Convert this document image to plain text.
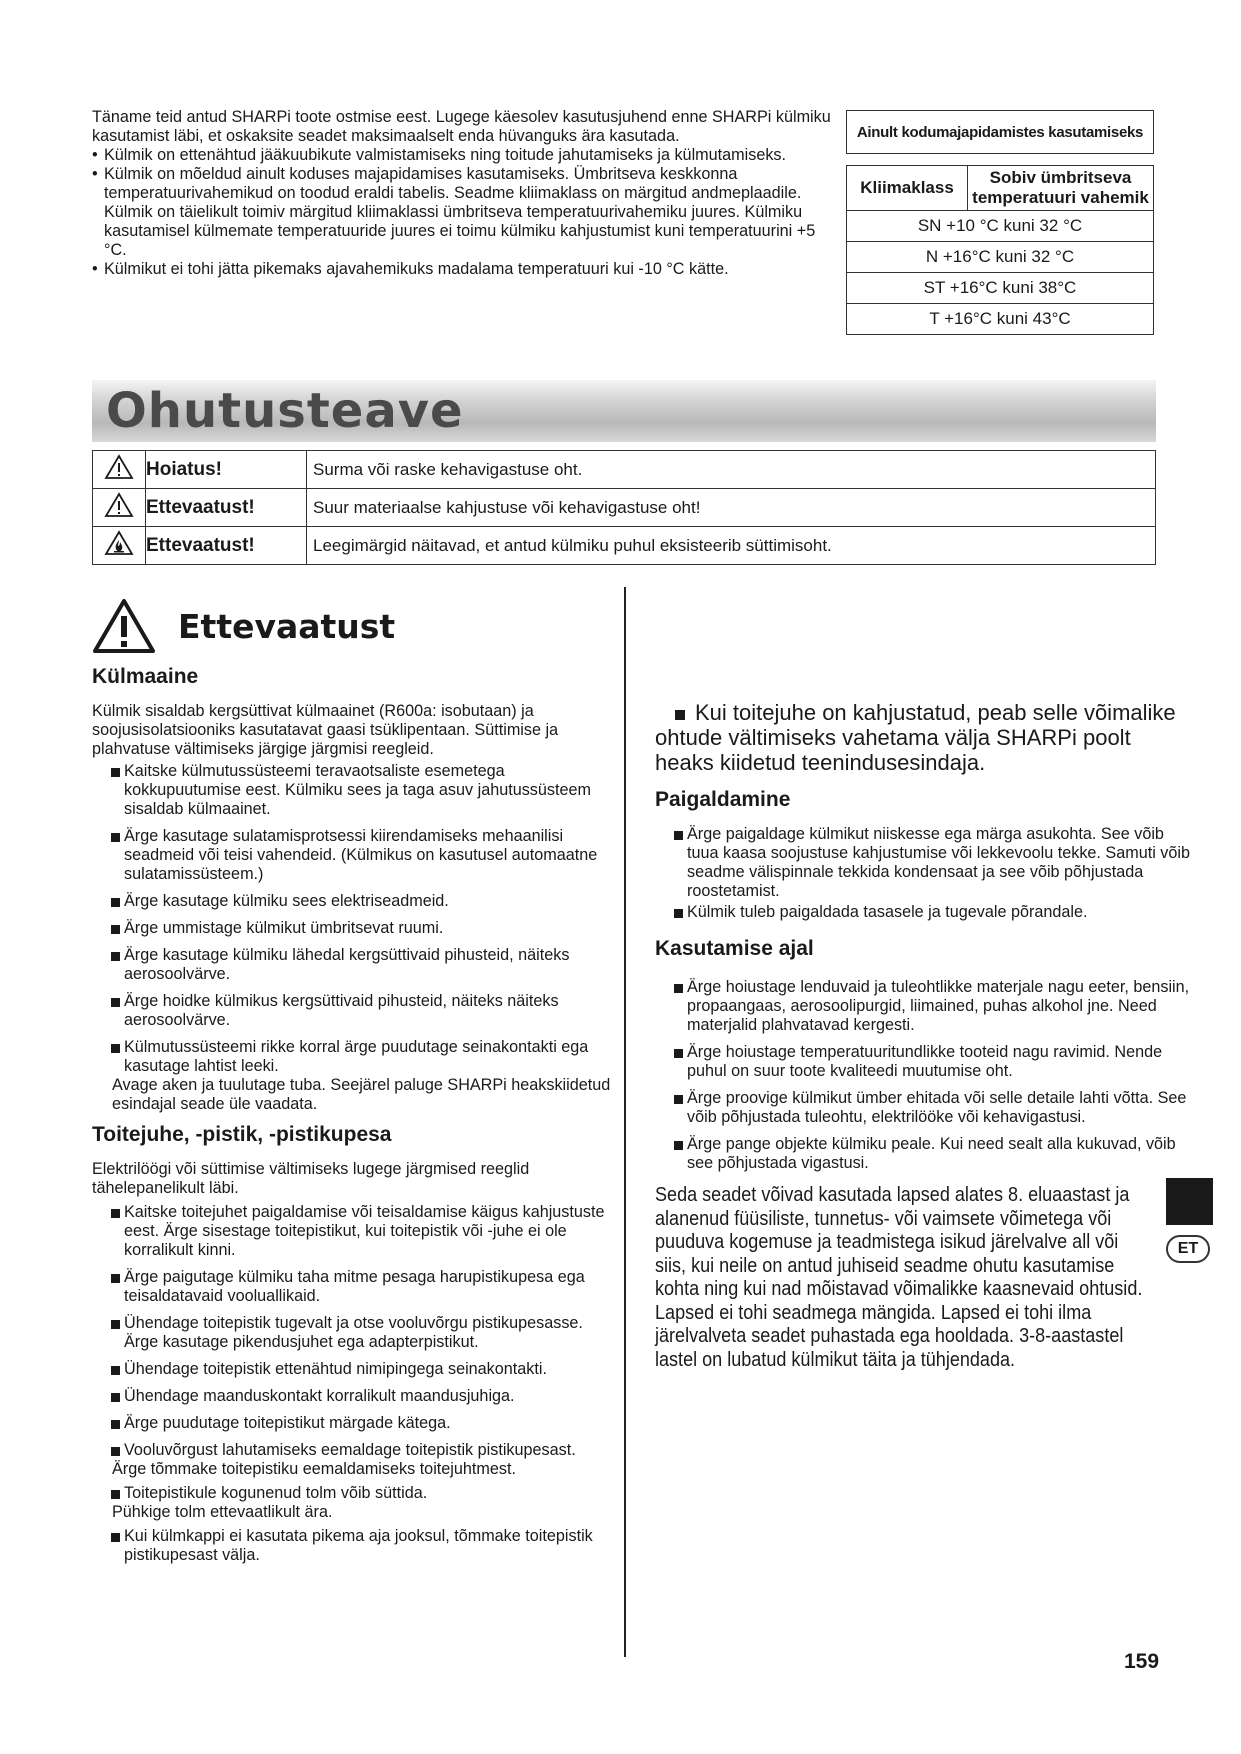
Täname teid antud SHARPi toote ostmise eest. Lugege käesolev kasutusjuhend enne SHARPi külmiku kasutamist läbi, et oskaksite seadet maksimaalselt enda hüvanguks ära kasutada.

• Külmik on ettenähtud jääkuubikute valmistamiseks ning toitude jahutamiseks ja külmutamiseks.
• Külmik on mõeldud ainult koduses majapidamises kasutamiseks. Ümbritseva keskkonna temperatuurivahemikud on toodud eraldi tabelis. Seadme kliimaklass on märgitud andmeplaadile.
Külmik on täielikult toimiv märgitud kliimaklassi ümbritseva temperatuurivahemiku juures. Külmiku kasutamisel külmemate temperatuuride juures ei toimu külmiku kahjustumist kuni temperatuurini +5 °C.
• Külmikut ei tohi jätta pikemaks ajavahemikuks madalama temperatuuri kui -10 °C kätte.
Ainult kodumajapidamistes kasutamiseks
Kliimaklass	Sobiv ümbritseva temperatuuri vahemik
SN +10 °C kuni 32 °C
N +16°C kuni 32 °C
ST +16°C kuni 38°C
T +16°C kuni 43°C
Ohutusteave
	Hoiatus!	Surma või raske kehavigastuse oht.
	Ettevaatust!	Suur materiaalse kahjustuse või kehavigastuse oht!
	Ettevaatust!	Leegimärgid näitavad, et antud külmiku puhul eksisteerib süttimisoht.
Ettevaatust
Külmaaine

Külmik sisaldab kergsüttivat külmaainet (R600a: isobutaan) ja soojusisolatsiooniks kasutatavat gaasi tsüklipentaan. Süttimise ja plahvatuse vältimiseks järgige järgmisi reegleid.

Kaitske külmutussüsteemi teravaotsaliste esemetega kokkupuutumise eest. Külmiku sees ja taga asuv jahutussüsteem sisaldab külmaainet.

Ärge kasutage sulatamisprotsessi kiirendamiseks mehaanilisi seadmeid või teisi vahendeid. (Külmikus on kasutusel automaatne sulatamissüsteem.)

Ärge kasutage külmiku sees elektriseadmeid.

Ärge ummistage külmikut ümbritsevat ruumi.

Ärge kasutage külmiku lähedal kergsüttivaid pihusteid, näiteks aerosoolvärve.

Ärge hoidke külmikus kergsüttivaid pihusteid, näiteks näiteks aerosoolvärve.

Külmutussüsteemi rikke korral ärge puudutage seinakontakti ega kasutage lahtist leeki.

Avage aken ja tuulutage tuba. Seejärel paluge SHARPi heakskiidetud esindajal seade üle vaadata.

Toitejuhe, -pistik, -pistikupesa

Elektrilöögi või süttimise vältimiseks lugege järgmised reeglid tähelepanelikult läbi.

Kaitske toitejuhet paigaldamise või teisaldamise käigus kahjustuste eest. Ärge sisestage toitepistikut, kui toitepistik või -juhe ei ole korralikult kinni.

Ärge paigutage külmiku taha mitme pesaga harupistikupesa ega teisaldatavaid vooluallikaid.

Ühendage toitepistik tugevalt ja otse vooluvõrgu pistikupesasse. Ärge kasutage pikendusjuhet ega adapterpistikut.

Ühendage toitepistik ettenähtud nimipingega seinakontakti.

Ühendage maanduskontakt korralikult maandusjuhiga.

Ärge puudutage toitepistikut märgade kätega.

Vooluvõrgust lahutamiseks eemaldage toitepistik pistikupesast.

Ärge tõmmake toitepistiku eemaldamiseks toitejuhtmest.

Toitepistikule kogunenud tolm võib süttida.

Pühkige tolm ettevaatlikult ära.

Kui külmkappi ei kasutata pikema aja jooksul, tõmmake toitepistik pistikupesast välja.

Kui toitejuhe on kahjustatud, peab selle võimalike ohtude vältimiseks vahetama välja SHARPi poolt heaks kiidetud teenindusesindaja.

Paigaldamine

Ärge paigaldage külmikut niiskesse ega märga asukohta. See võib tuua kaasa soojustuse kahjustumise või lekkevoolu tekke. Samuti võib seadme välispinnale tekkida kondensaat ja see võib põhjustada roostetamist.

Külmik tuleb paigaldada tasasele ja tugevale põrandale.

Kasutamise ajal

Ärge hoiustage lenduvaid ja tuleohtlikke materjale nagu eeter, bensiin, propaangaas, aerosoolipurgid, liimained, puhas alkohol jne. Need materjalid plahvatavad kergesti.

Ärge hoiustage temperatuuritundlikke tooteid nagu ravimid. Nende puhul on suur toote kvaliteedi muutumise oht.

Ärge proovige külmikut ümber ehitada või selle detaile lahti võtta. See võib põhjustada tuleohtu, elektrilööke või kehavigastusi.

Ärge pange objekte külmiku peale. Kui need sealt alla kukuvad, võib see põhjustada vigastusi.

Seda seadet võivad kasutada lapsed alates 8. eluaastast ja alanenud füüsiliste, tunnetus- või vaimsete võimetega või puuduva kogemuse ja teadmistega isikud järelvalve all või siis, kui neile on antud juhiseid seadme ohutu kasutamise kohta ning kui nad mõistavad võimalikke kaasnevaid ohtusid. Lapsed ei tohi seadmega mängida. Lapsed ei tohi ilma järelvalveta seadet puhastada ega hooldada. 3-8-aastastel lastel on lubatud külmikut täita ja tühjendada.
ET
159
